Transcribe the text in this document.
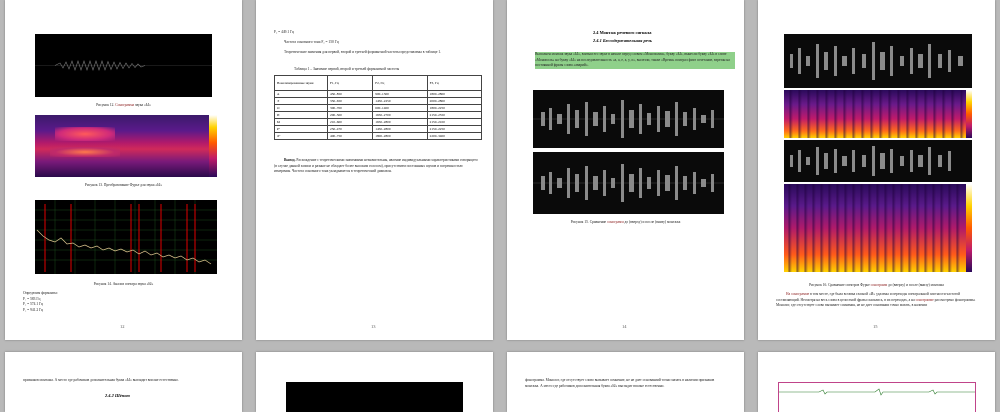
Рисунок 12. Сонограмма звука «Ы»
Рисунок 13. Преобразование Фурье для звука «Ы»
Рисунок 14. Анализ спектра звука «Ы»
Определим форманты:
F₁ = 583 Гц
F₂ = 574.1 Гц
F₃ = 941.2 Гц
12
F₀ = 449.1 Гц
Частота основного тона F₀ = 150 Гц
Теоретические значения для первой, второй и третьей формантной частоты представлены в таблице 1.
Таблица 1 – Значение первой, второй и третьей формантной частоты
Вокализированные звуки	F1, Гц	F2, Гц	F3, Гц
А	450–850	900–1300	1800–2800
Э	350–650	1450–2250	2000–2800
О	300–700	600–1400	1800–2250
И	200–500	1650–2700	2150–2550
Ы	210–600	1650–2800	2150–2100
Рᵒ	250–470	1450–2800	2150–2250
Лᵒ	400–750	1800–2800	2200–3400
Вывод. Расхождение с теоретическими значениями незначительны, явление индивидуальными характеристиками говорящего (в случае данной записи и разные не обладает более высоким голосом), присутствием постоянных шумов и погрешностью измерения. Частота основного тона укладывается в теоретический диапазон.
13
2.4 Монтаж речевого сигнала
2.4.1 Бессодержательная речь
Выполнен монтаж звука «Ы», взятым его звуке в начале перед словом «Монополия», букву «Ы», вынесли букву «Ы» в слове «Монополь» на букву «Ы» на последовательность «а, а, е, а, у, о», вылезли, также «Время» поиграл фиат сочетание, взрезан на постоянной фразы слова «аварий».
Рисунок 15. Сравнение сонограмм до (вверху) и после (внизу) монтажа
14
Рисунок 16. Сравнение спектров Фурье сонограмм до (вверху) и после (внизу) монтажа
На сонограмме в том месте, где была вставка гласной «И» удалены и переходы спектральной плотности частотой составляющий. Несмотря на весь слова в целостной фразы сказались, в их переходах, а на сонограмме рассмотрено фонограммы. Монолог, где отсутствует слово вызывает сомнения, не не дает основании точно мазать, в наличии
15
признаков монтажа. А место где рабочиков дополнительная буква «Ы» выглядит вполне естественно.
2.4.2 Шёпот
фонограмма. Монолог, где отсутствует слово вызывает сомнение, не не дает основаниий точно мазать в наличии признаков монтажа. А место где рабочиков дополнительная буква «Ы» выглядит вполне естественно.
